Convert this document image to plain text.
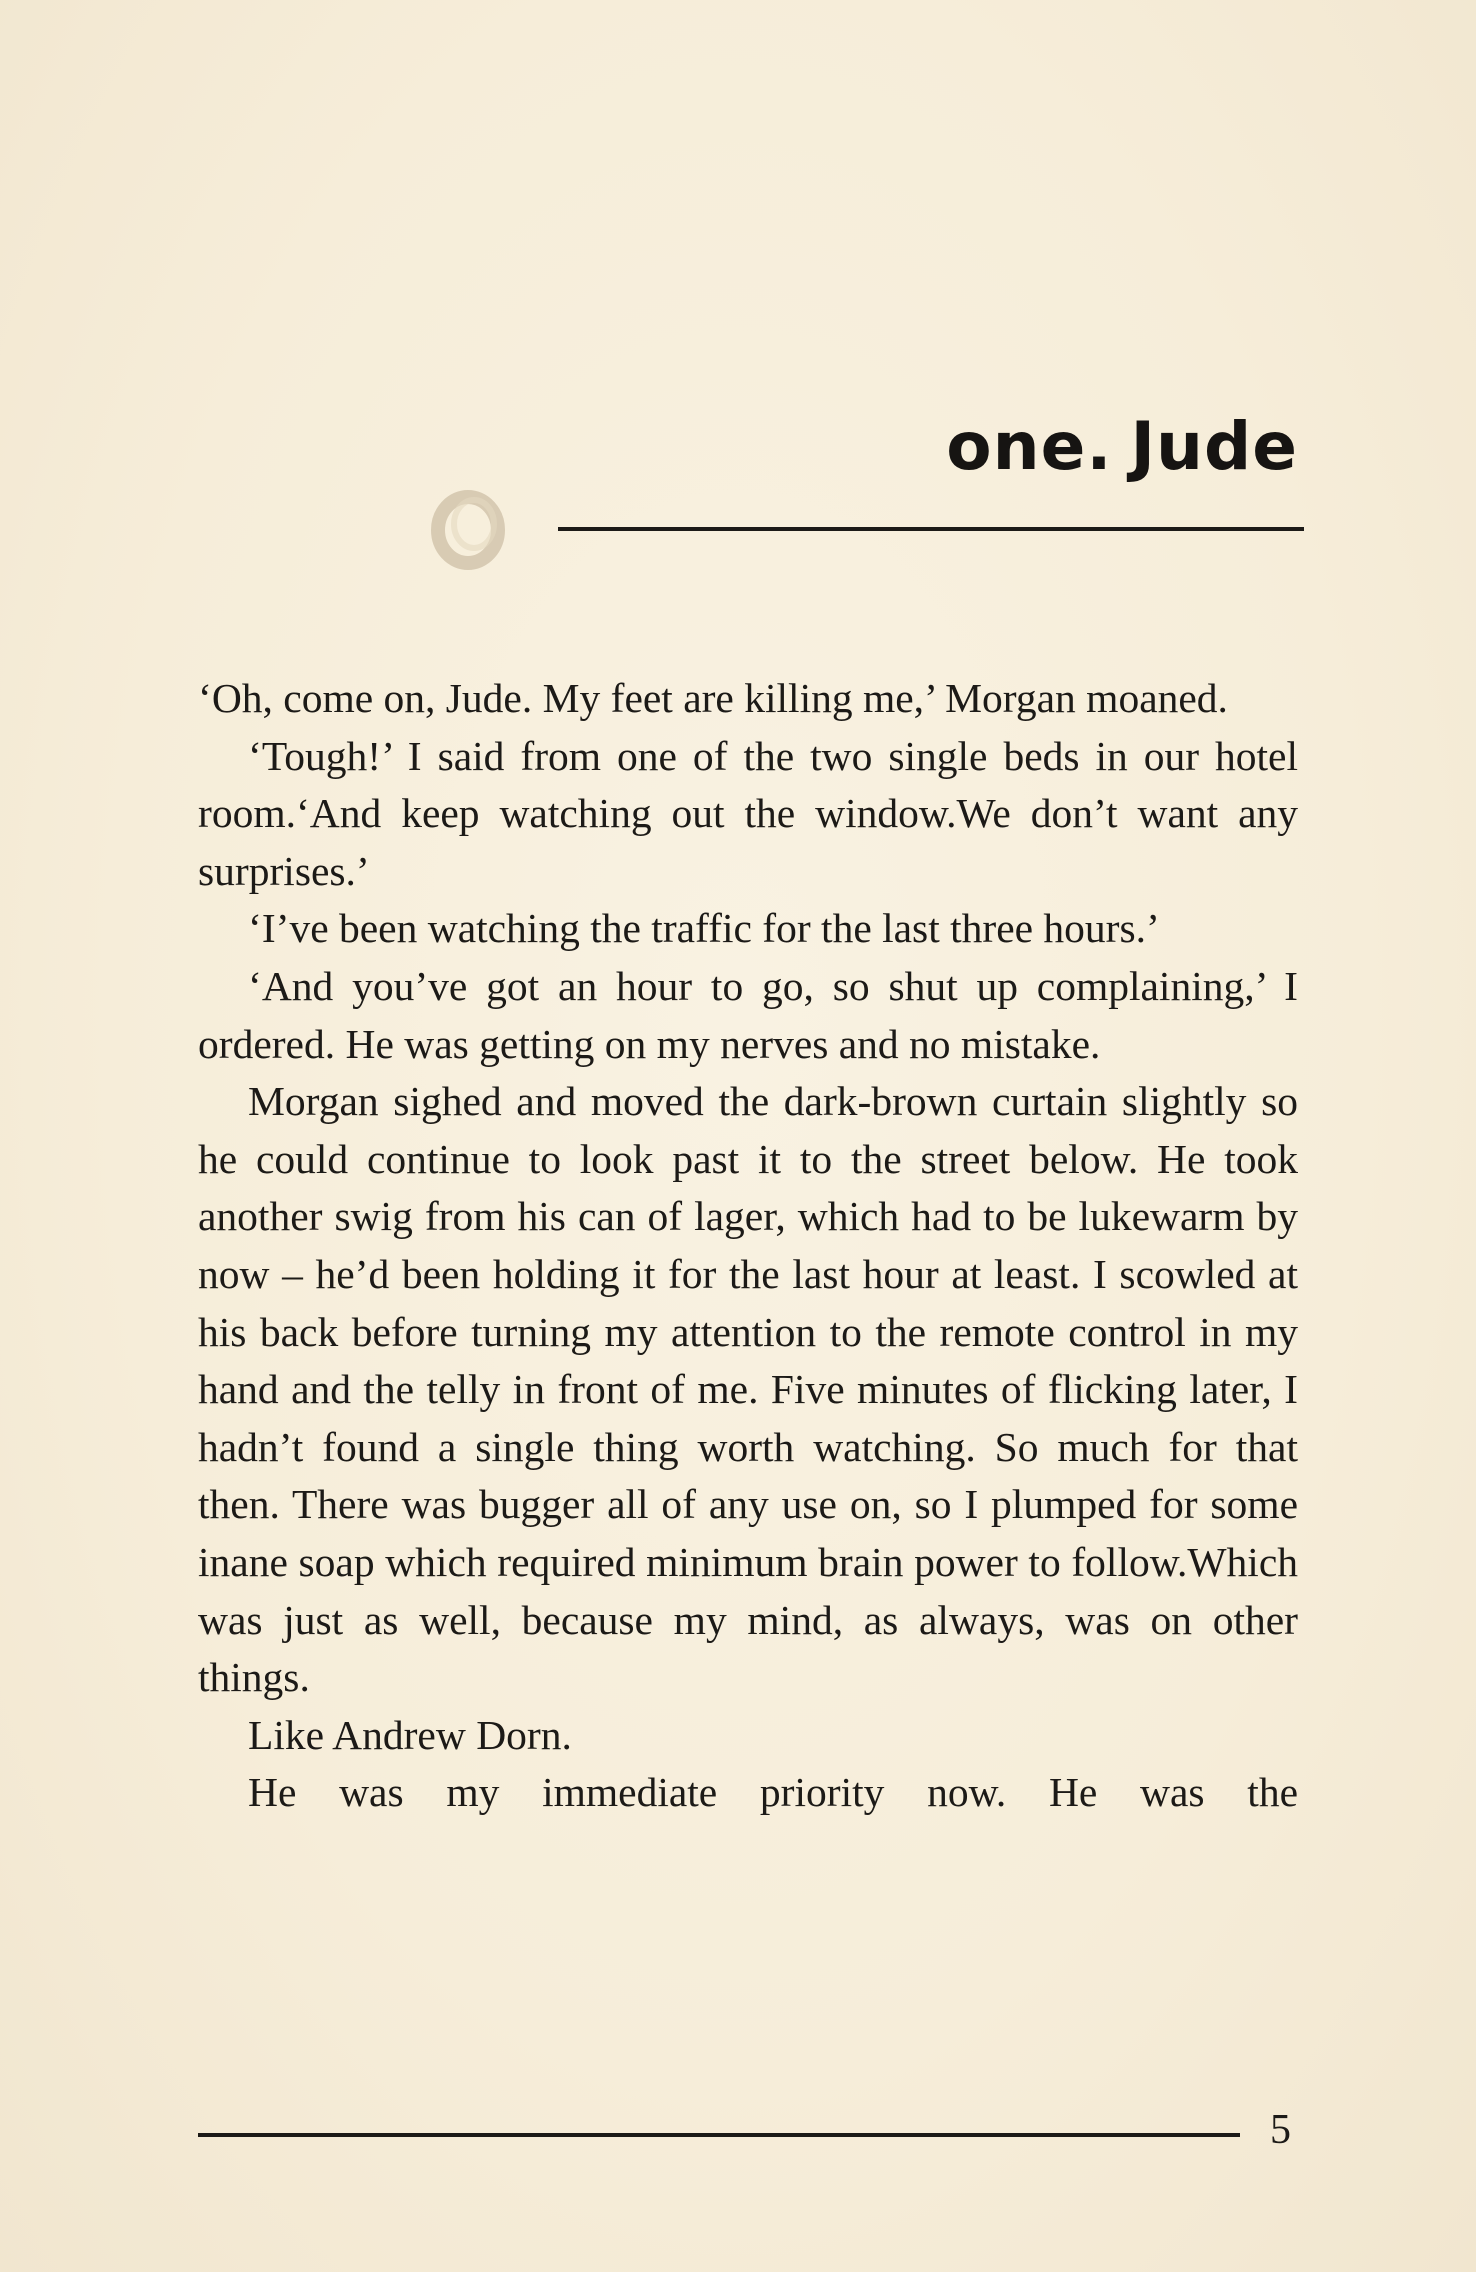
one. Jude

‘Oh, come on, Jude. My feet are killing me,’ Morgan moaned.

‘Tough!’ I said from one of the two single beds in our hotel room.‘And keep watching out the window.We don’t want any surprises.’

‘I’ve been watching the traffic for the last three hours.’

‘And you’ve got an hour to go, so shut up complaining,’ I ordered. He was getting on my nerves and no mistake.

Morgan sighed and moved the dark-brown curtain slightly so he could continue to look past it to the street below. He took another swig from his can of lager, which had to be lukewarm by now – he’d been holding it for the last hour at least. I scowled at his back before turning my attention to the remote control in my hand and the telly in front of me. Five minutes of flicking later, I hadn’t found a single thing worth watching. So much for that then. There was bugger all of any use on, so I plumped for some inane soap which required minimum brain power to follow.Which was just as well, because my mind, as always, was on other things.

Like Andrew Dorn.

He was my immediate priority now. He was the

5
